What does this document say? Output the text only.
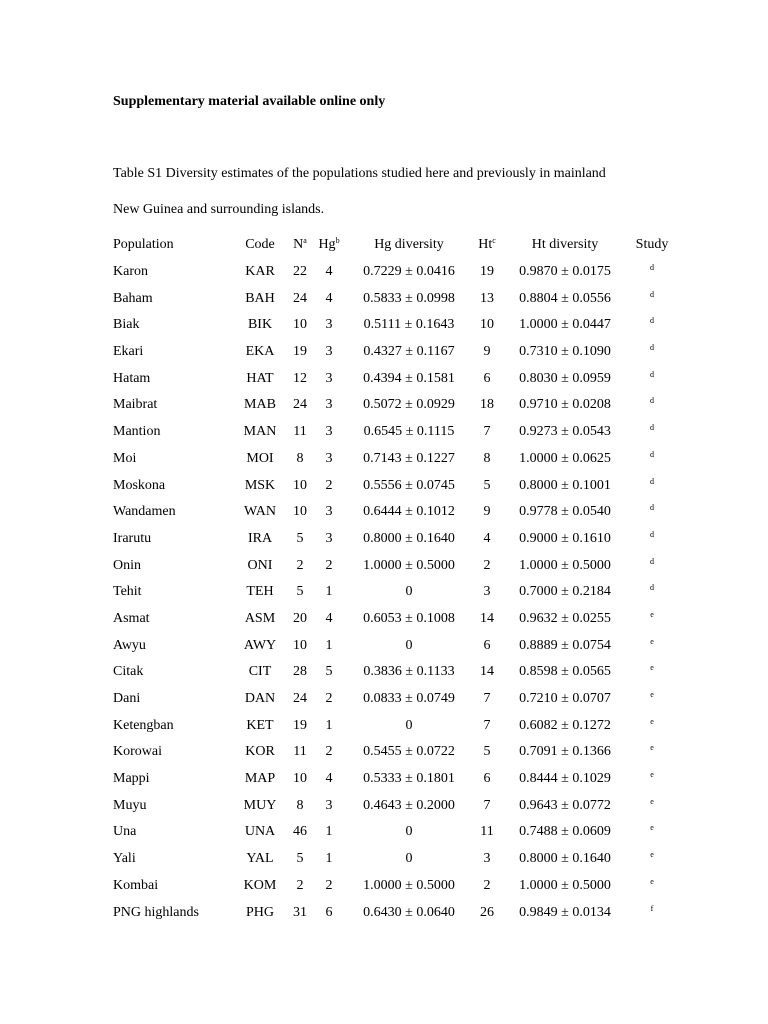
Supplementary material available online only
Table S1 Diversity estimates of the populations studied here and previously in mainland
New Guinea and surrounding islands.
Population	Code	$N^a$	Hg$^b$	Hg diversity	Ht$^c$	Ht diversity	Study
Karon	KAR	22	4	0.7229 ± 0.0416	19	0.9870 ± 0.0175	$^d$
Baham	BAH	24	4	0.5833 ± 0.0998	13	0.8804 ± 0.0556	$^d$
Biak	BIK	10	3	0.5111 ± 0.1643	10	1.0000 ± 0.0447	$^d$
Ekari	EKA	19	3	0.4327 ± 0.1167	9	0.7310 ± 0.1090	$^d$
Hatam	HAT	12	3	0.4394 ± 0.1581	6	0.8030 ± 0.0959	$^d$
Maibrat	MAB	24	3	0.5072 ± 0.0929	18	0.9710 ± 0.0208	$^d$
Mantion	MAN	11	3	0.6545 ± 0.1115	7	0.9273 ± 0.0543	$^d$
Moi	MOI	8	3	0.7143 ± 0.1227	8	1.0000 ± 0.0625	$^d$
Moskona	MSK	10	2	0.5556 ± 0.0745	5	0.8000 ± 0.1001	$^d$
Wandamen	WAN	10	3	0.6444 ± 0.1012	9	0.9778 ± 0.0540	$^d$
Irarutu	IRA	5	3	0.8000 ± 0.1640	4	0.9000 ± 0.1610	$^d$
Onin	ONI	2	2	1.0000 ± 0.5000	2	1.0000 ± 0.5000	$^d$
Tehit	TEH	5	1	0	3	0.7000 ± 0.2184	$^d$
Asmat	ASM	20	4	0.6053 ± 0.1008	14	0.9632 ± 0.0255	$^e$
Awyu	AWY	10	1	0	6	0.8889 ± 0.0754	$^e$
Citak	CIT	28	5	0.3836 ± 0.1133	14	0.8598 ± 0.0565	$^e$
Dani	DAN	24	2	0.0833 ± 0.0749	7	0.7210 ± 0.0707	$^e$
Ketengban	KET	19	1	0	7	0.6082 ± 0.1272	$^e$
Korowai	KOR	11	2	0.5455 ± 0.0722	5	0.7091 ± 0.1366	$^e$
Mappi	MAP	10	4	0.5333 ± 0.1801	6	0.8444 ± 0.1029	$^e$
Muyu	MUY	8	3	0.4643 ± 0.2000	7	0.9643 ± 0.0772	$^e$
Una	UNA	46	1	0	11	0.7488 ± 0.0609	$^e$
Yali	YAL	5	1	0	3	0.8000 ± 0.1640	$^e$
Kombai	KOM	2	2	1.0000 ± 0.5000	2	1.0000 ± 0.5000	$^e$
PNG highlands	PHG	31	6	0.6430 ± 0.0640	26	0.9849 ± 0.0134	$^f$
